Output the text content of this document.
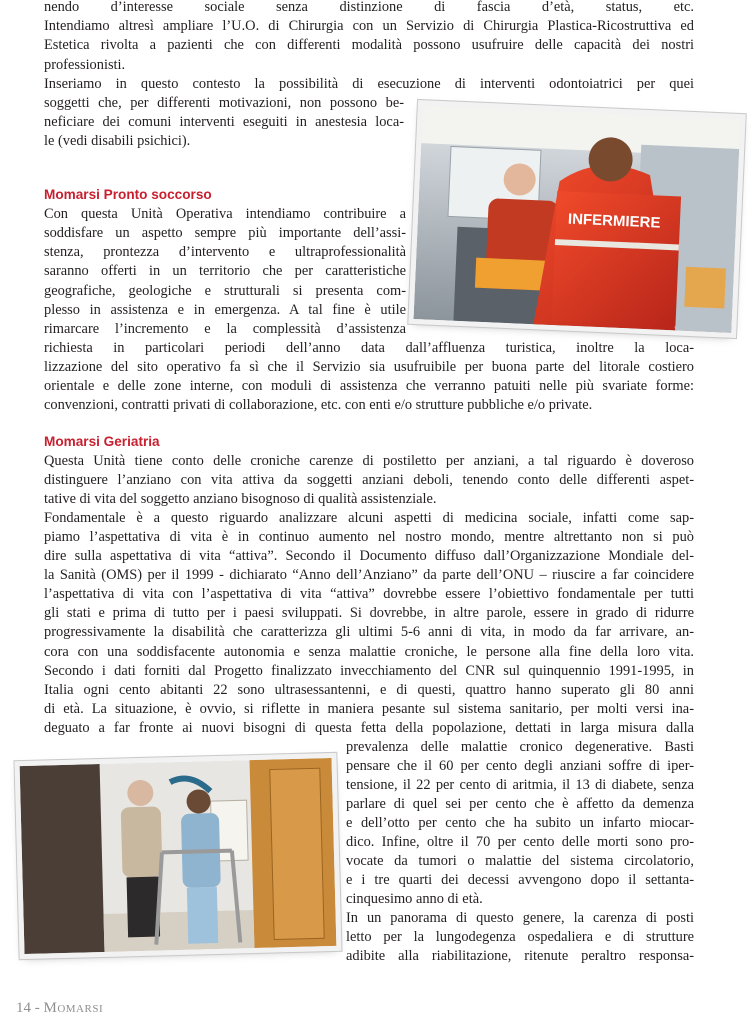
nendo d’interesse sociale senza distinzione di fascia d’età, status, etc.
Intendiamo altresì ampliare l’U.O. di Chirurgia con un Servizio di Chirurgia Plastica-Ricostruttiva ed
Estetica rivolta a pazienti che con differenti modalità possono usufruire delle capacità dei nostri
professionisti.
Inseriamo in questo contesto la possibilità di esecuzione di interventi odontoiatrici per quei
soggetti che, per differenti motivazioni, non possono be-
neficiare dei comuni interventi eseguiti in anestesia loca-
le (vedi disabili psichici).
Momarsi Pronto soccorso
Con questa Unità Operativa intendiamo contribuire a
soddisfare un aspetto sempre più importante dell’assi-
stenza, prontezza d’intervento e ultraprofessionalità
saranno offerti in un territorio che per caratteristiche
geografiche, geologiche e strutturali si presenta com-
plesso in assistenza e in emergenza. A tal fine è utile
rimarcare l’incremento e la complessità d’assistenza
richiesta in particolari periodi dell’anno data dall’affluenza turistica, inoltre la loca-
lizzazione del sito operativo fa sì che il Servizio sia usufruibile per buona parte del litorale costiero
orientale e delle zone interne, con moduli di assistenza che verranno patuiti nelle più svariate forme:
convenzioni, contratti privati di collaborazione, etc. con enti e/o strutture pubbliche e/o private.
Momarsi Geriatria
Questa Unità tiene conto delle croniche carenze di postiletto per anziani, a tal riguardo è doveroso
distinguere l’anziano con vita attiva da soggetti anziani deboli, tenendo conto delle differenti aspet-
tative di vita del soggetto anziano bisognoso di qualità assistenziale.
Fondamentale è a questo riguardo analizzare alcuni aspetti di medicina sociale, infatti come sap-
piamo l’aspettativa di vita è in continuo aumento nel nostro mondo, mentre altrettanto non si può
dire sulla aspettativa di vita “attiva”. Secondo il Documento diffuso dall’Organizzazione Mondiale del-
la Sanità (OMS) per il 1999 - dichiarato “Anno dell’Anziano” da parte dell’ONU – riuscire a far coincidere
l’aspettativa di vita con l’aspettativa di vita “attiva” dovrebbe essere l’obiettivo fondamentale per tutti
gli stati e prima di tutto per i paesi sviluppati. Si dovrebbe, in altre parole, essere in grado di ridurre
progressivamente la disabilità che caratterizza gli ultimi 5-6 anni di vita, in modo da far arrivare, an-
cora con una soddisfacente autonomia e senza malattie croniche, le persone alla fine della loro vita.
Secondo i dati forniti dal Progetto finalizzato invecchiamento del CNR sul quinquennio 1991-1995, in
Italia ogni cento abitanti 22 sono ultrasessantenni, e di questi, quattro hanno superato gli 80 anni
di età. La situazione, è ovvio, si riflette in maniera pesante sul sistema sanitario, per molti versi ina-
deguato a far fronte ai nuovi bisogni di questa fetta della popolazione, dettati in larga misura dalla
prevalenza delle malattie cronico degenerative. Basti
pensare che il 60 per cento degli anziani soffre di iper-
tensione, il 22 per cento di aritmia, il 13 di diabete, senza
parlare di quel sei per cento che è affetto da demenza
e dell’otto per cento che ha subito un infarto miocar-
dico. Infine, oltre il 70 per cento delle morti sono pro-
vocate da tumori o malattie del sistema circolatorio,
e i tre quarti dei decessi avvengono dopo il settanta-
cinquesimo anno di età.
In un panorama di questo genere, la carenza di posti
letto per la lungodegenza ospedaliera e di strutture
adibite alla riabilitazione, ritenute peraltro responsa-
INFERMIERE
14 - Momarsi
